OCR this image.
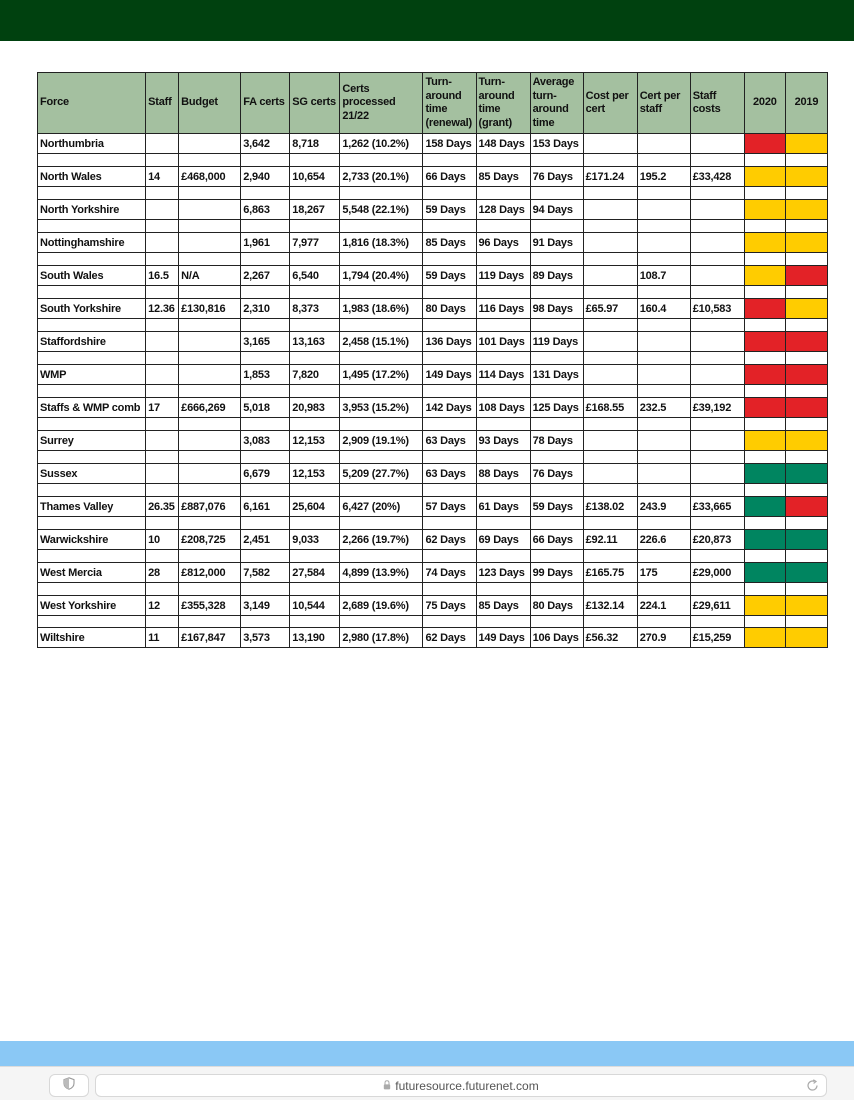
Force	Staff	Budget	FA certs	SG certs	Certs processed 21/22	Turn-around time (renewal)	Turn-around time (grant)	Average turn-around time	Cost per cert	Cert per staff	Staff costs	2020	2019
Northumbria			3,642	8,718	1,262 (10.2%)	158 Days	148 Days	153 Days					

North Wales	14	£468,000	2,940	10,654	2,733 (20.1%)	66 Days	85 Days	76 Days	£171.24	195.2	£33,428		

North Yorkshire			6,863	18,267	5,548 (22.1%)	59 Days	128 Days	94 Days					

Nottinghamshire			1,961	7,977	1,816 (18.3%)	85 Days	96 Days	91 Days					

South Wales	16.5	N/A	2,267	6,540	1,794 (20.4%)	59 Days	119 Days	89 Days		108.7			

South Yorkshire	12.36	£130,816	2,310	8,373	1,983 (18.6%)	80 Days	116 Days	98 Days	£65.97	160.4	£10,583		

Staffordshire			3,165	13,163	2,458 (15.1%)	136 Days	101 Days	119 Days					

WMP			1,853	7,820	1,495 (17.2%)	149 Days	114 Days	131 Days					

Staffs & WMP comb	17	£666,269	5,018	20,983	3,953 (15.2%)	142 Days	108 Days	125 Days	£168.55	232.5	£39,192		

Surrey			3,083	12,153	2,909 (19.1%)	63 Days	93 Days	78 Days					

Sussex			6,679	12,153	5,209 (27.7%)	63 Days	88 Days	76 Days					

Thames Valley	26.35	£887,076	6,161	25,604	6,427 (20%)	57 Days	61 Days	59 Days	£138.02	243.9	£33,665		

Warwickshire	10	£208,725	2,451	9,033	2,266 (19.7%)	62 Days	69 Days	66 Days	£92.11	226.6	£20,873		

West Mercia	28	£812,000	7,582	27,584	4,899 (13.9%)	74 Days	123 Days	99 Days	£165.75	175	£29,000		

West Yorkshire	12	£355,328	3,149	10,544	2,689 (19.6%)	75 Days	85 Days	80 Days	£132.14	224.1	£29,611		

Wiltshire	11	£167,847	3,573	13,190	2,980 (17.8%)	62 Days	149 Days	106 Days	£56.32	270.9	£15,259		
futuresource.futurenet.com
